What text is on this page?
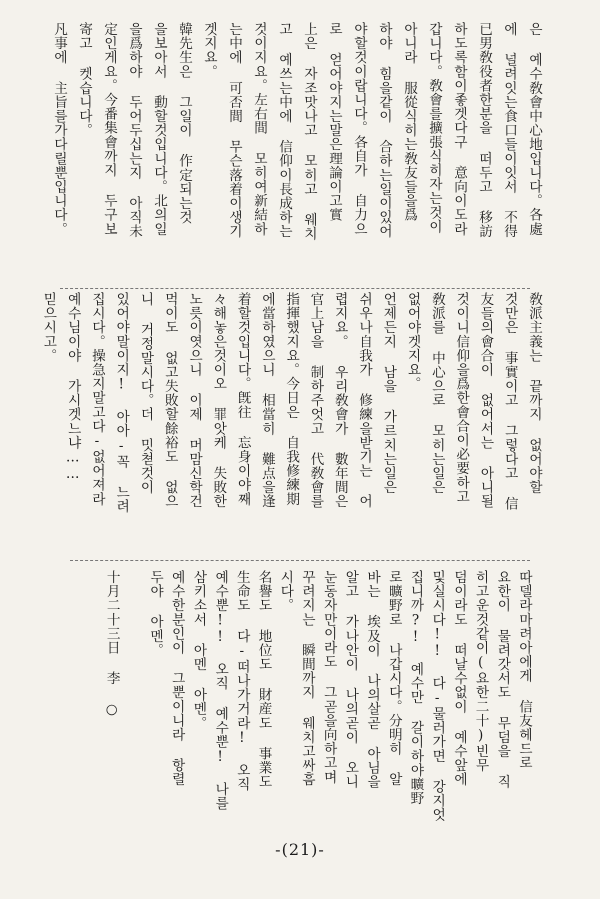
은 예수敎會中心地입니다。各處
에 널려잇는食口들이잇서 不得
已男敎役者한분을 떠두고 移訪
하도록함이좋겟다구 意向이도라
갑니다。敎會를擴張식히자는것이
아니라 服從식히는敎友들을爲
하야 힘을같이 合하는일이있어
야할것이랍니다。各自가 自力으
로 얻어야지는말은理論이고實
上은 자조맛나고 모히고 웨치
고 예쓰는中에 信仰이長成하는
것이지요。左右間 모히여新結하
는中에 可否間 무슨落着이생기
겟지요。
韓先生은 그일이 作定되는것
을보아서 動할것입니다。北의일
을爲하야 두어두십는지 아직未
定인게요。今番集會까지 두구보
寄고 켓습니다。
凡事에 主旨를가다릴뿐입니다。
敎派主義는 끝까지 없어야할
것만은 事實이고 그렇다고 信
友들의會合이 없어서는 아니될
것이니信仰을爲한會合이必要하고
敎派를 中心으로 모히는일은
없어야겟지요。
언제든지 남을 가르치는일은
쉬우나自我가 修練을받기는 어
렵지요。 우리敎會가 數年間은
官上남을 制하주엇고 代敎會를
指揮했지요。今日은 自我修練期
에當하였으니 相當히 難点을逢
着할것입니다。旣往 忘身이야째
々해놓은것이오 罪앗케 失敗한
노릇이엿으니 이제 머맘신학건
먹이도 없고失敗할餘裕도 없으
니 거정말시다。더 밋쳗것이
있어야말이지! 아아-꼭 느려
집시다。操急지말고다-없어져라
예수님이야 가시겟느냐……
믿으시고。
따델라마려아에게 信友헤드로
요한이 물려갓서도 무덤을 직
히고운것같이(요한二十)빈무
덤이라도 떠날수없이 예수앞에
및실시다!! 다-물러가면 강지엇
집니까?! 예수만 갈이하야曠野
로曠野로 나갑시다。分明히 알
바는 埃及이 나의살곧 아님을
알고 가나안이 나의곧이 오니
눈동자만이라도 그곧을向하고며
꾸려지는 瞬間까지 웨치고싸흠
시다。
名譽도 地位도 財産도 事業도
生命도 다-떠나가거라! 오직
예수뿐!! 오직 예수뿐! 나를
삼키소서 아멘 아멘。
예수한분인이 그뿐이니라 항렬
두야 아멘。
十月二十三日 李 ○
-(21)-
